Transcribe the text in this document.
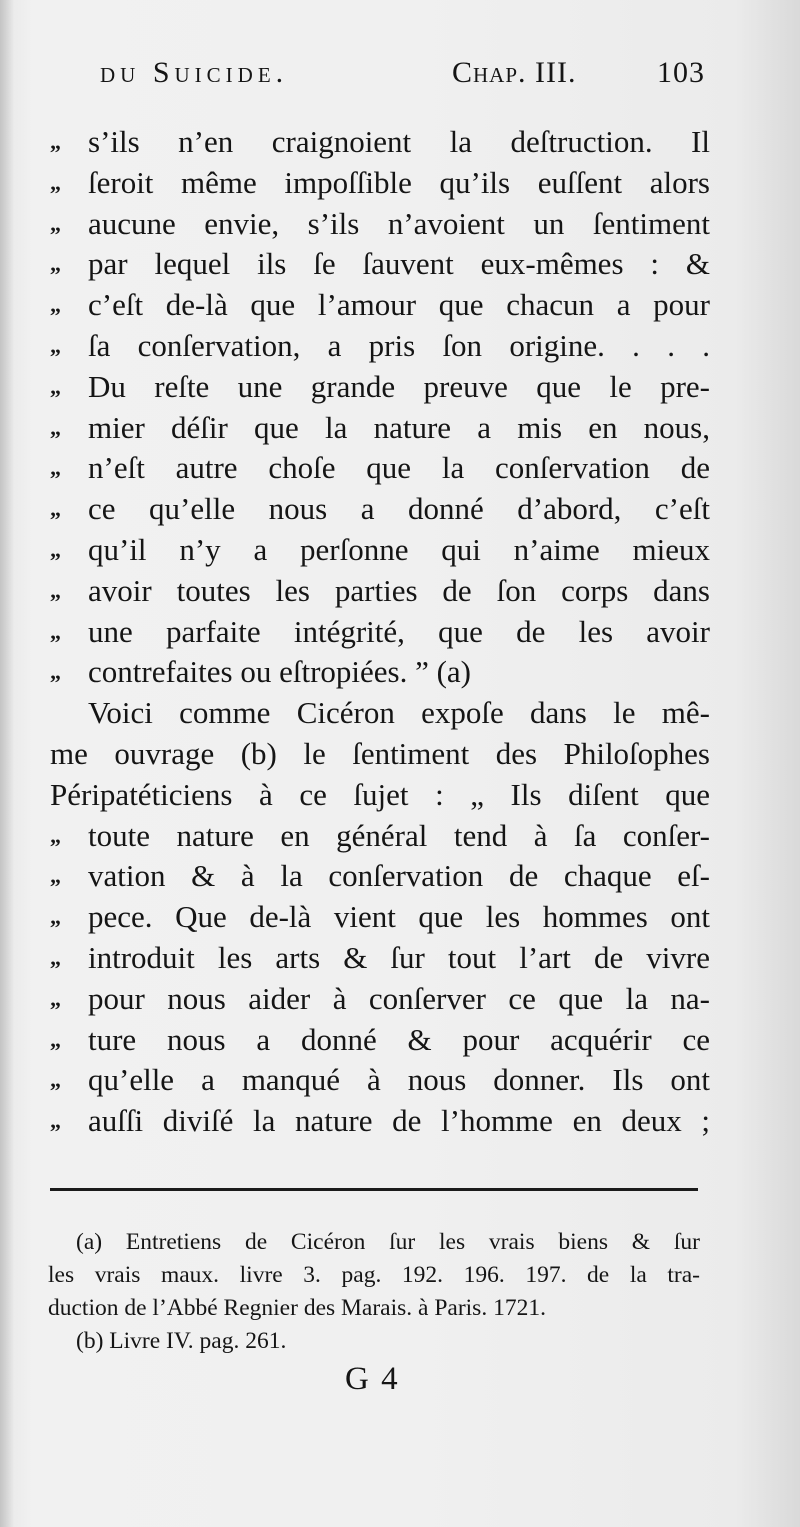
du Suicide.	Chap. III.	103
„ s’ils n’en craignoient la deſtruction. Il
„ ſeroit même impoſſible qu’ils euſſent alors
„ aucune envie, s’ils n’avoient un ſentiment
„ par lequel ils ſe ſauvent eux-mêmes : &
„ c’eſt de-là que l’amour que chacun a pour
„ ſa conſervation, a pris ſon origine. . . .
„ Du reſte une grande preuve que le pre-
„ mier déſir que la nature a mis en nous,
„ n’eſt autre choſe que la conſervation de
„ ce qu’elle nous a donné d’abord, c’eſt
„ qu’il n’y a perſonne qui n’aime mieux
„ avoir toutes les parties de ſon corps dans
„ une parfaite intégrité, que de les avoir
„ contrefaites ou eſtropiées. ” (a)
Voici comme Cicéron expoſe dans le mê-
me ouvrage (b) le ſentiment des Philoſophes
Péripatéticiens à ce ſujet : „ Ils diſent que
„ toute nature en général tend à ſa conſer-
„ vation & à la conſervation de chaque eſ-
„ pece. Que de-là vient que les hommes ont
„ introduit les arts & ſur tout l’art de vivre
„ pour nous aider à conſerver ce que la na-
„ ture nous a donné & pour acquérir ce
„ qu’elle a manqué à nous donner. Ils ont
„ auſſi diviſé la nature de l’homme en deux ;
(a) Entretiens de Cicéron ſur les vrais biens & ſur
les vrais maux. livre 3. pag. 192. 196. 197. de la tra-
duction de l’Abbé Regnier des Marais. à Paris. 1721.
(b) Livre IV. pag. 261.
G 4
